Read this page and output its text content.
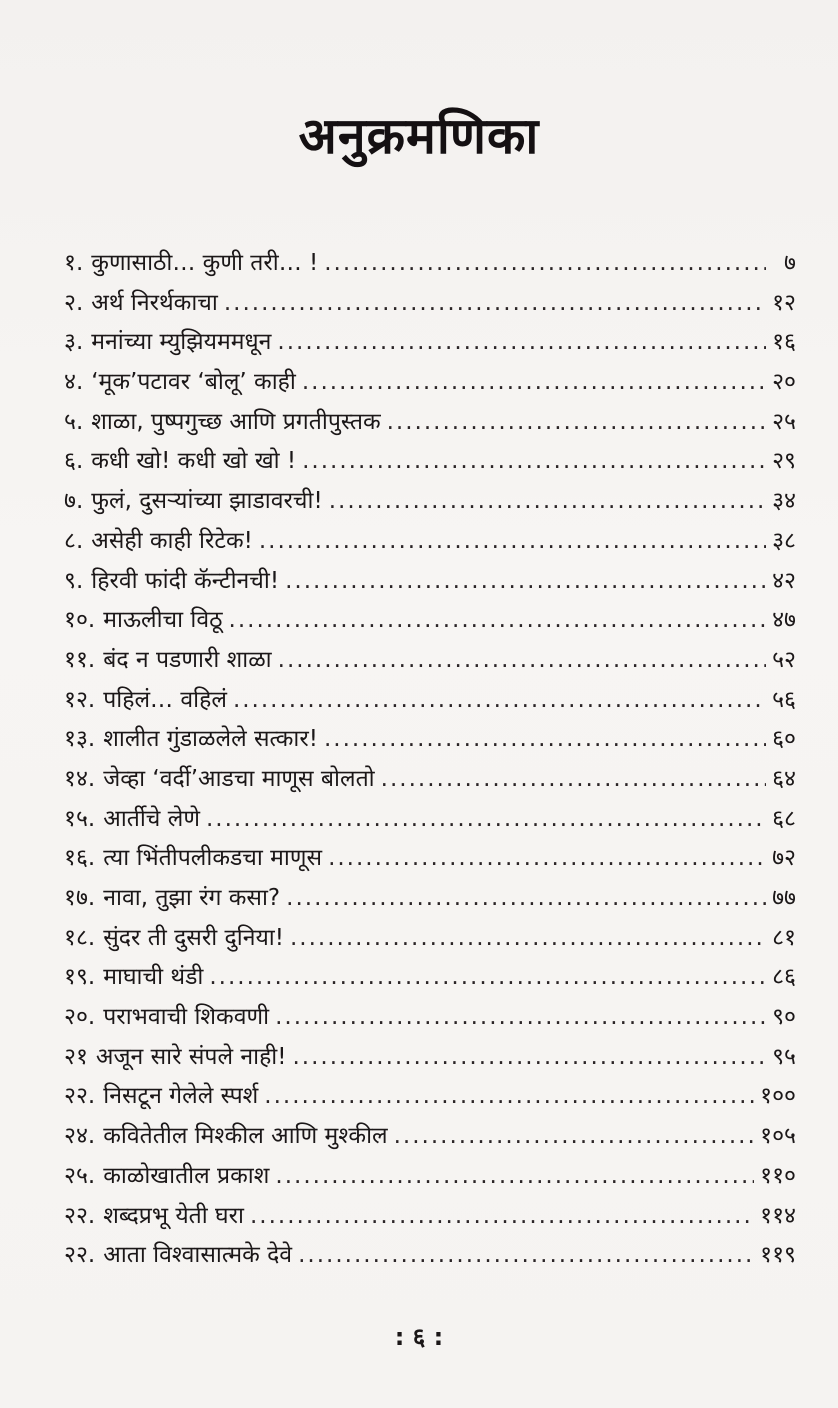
अनुक्रमणिका
१. कुणासाठी… कुणी तरी… ! .....	७
२. अर्थ निरर्थकाचा .....	१२
३. मनांच्या म्युझियममधून .....	१६
४. ‘मूक’पटावर ‘बोलू’ काही .....	२०
५. शाळा, पुष्पगुच्छ आणि प्रगतीपुस्तक .....	२५
६. कधी खो! कधी खो खो ! .....	२९
७. फुलं, दुसऱ्यांच्या झाडावरची! .....	३४
८. असेही काही रिटेक! .....	३८
९. हिरवी फांदी कॅन्टीनची! .....	४२
१०. माऊलीचा विठू .....	४७
११. बंद न पडणारी शाळा .....	५२
१२. पहिलं… वहिलं .....	५६
१३. शालीत गुंडाळलेले सत्कार! .....	६०
१४. जेव्हा ‘वर्दी’आडचा माणूस बोलतो .....	६४
१५. आर्तीचे लेणे .....	६८
१६. त्या भिंतीपलीकडचा माणूस .....	७२
१७. नावा, तुझा रंग कसा? .....	७७
१८. सुंदर ती दुसरी दुनिया! .....	८१
१९. माघाची थंडी .....	८६
२०. पराभवाची शिकवणी .....	९०
२१ अजून सारे संपले नाही! .....	९५
२२. निसटून गेलेले स्पर्श .....	१००
२४. कवितेतील मिश्कील आणि मुश्कील .....	१०५
२५. काळोखातील प्रकाश .....	११०
२२. शब्दप्रभू येती घरा .....	११४
२२. आता विश्वासात्मके देवे .....	११९
: ६ :
